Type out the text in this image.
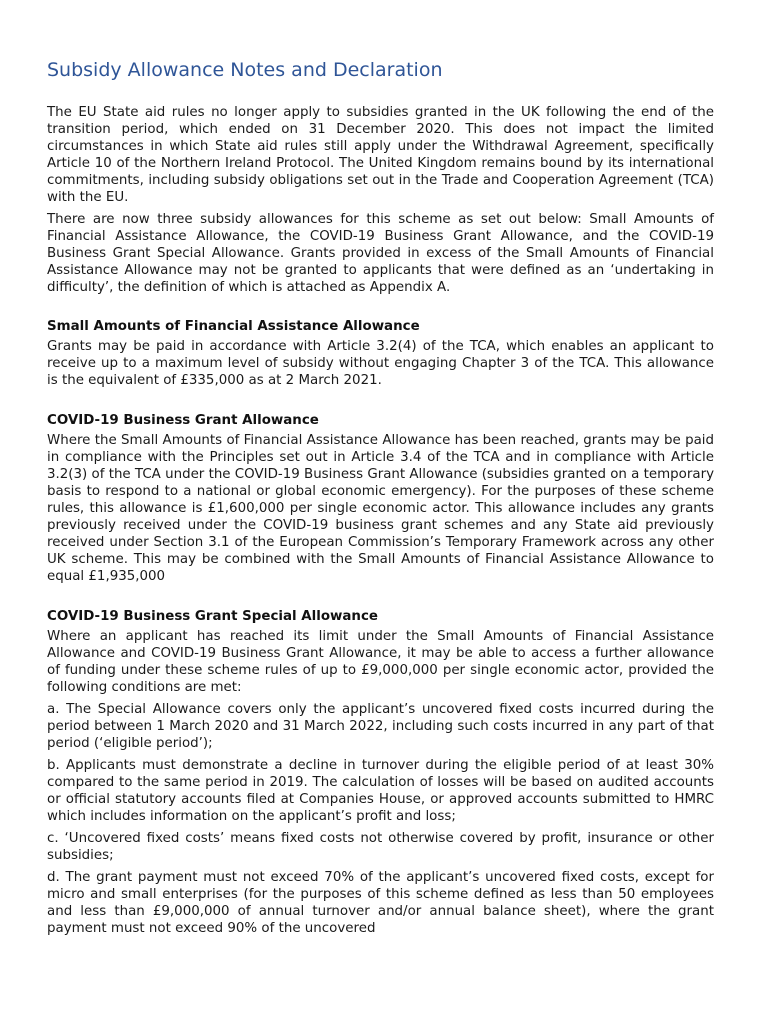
Subsidy Allowance Notes and Declaration

The EU State aid rules no longer apply to subsidies granted in the UK following the end of the transition period, which ended on 31 December 2020. This does not impact the limited circumstances in which State aid rules still apply under the Withdrawal Agreement, specifically Article 10 of the Northern Ireland Protocol. The United Kingdom remains bound by its international commitments, including subsidy obligations set out in the Trade and Cooperation Agreement (TCA) with the EU.

There are now three subsidy allowances for this scheme as set out below: Small Amounts of Financial Assistance Allowance, the COVID-19 Business Grant Allowance, and the COVID-19 Business Grant Special Allowance. Grants provided in excess of the Small Amounts of Financial Assistance Allowance may not be granted to applicants that were defined as an ‘undertaking in difficulty’, the definition of which is attached as Appendix A.

Small Amounts of Financial Assistance Allowance

Grants may be paid in accordance with Article 3.2(4) of the TCA, which enables an applicant to receive up to a maximum level of subsidy without engaging Chapter 3 of the TCA. This allowance is the equivalent of £335,000 as at 2 March 2021.

COVID-19 Business Grant Allowance

Where the Small Amounts of Financial Assistance Allowance has been reached, grants may be paid in compliance with the Principles set out in Article 3.4 of the TCA and in compliance with Article 3.2(3) of the TCA under the COVID-19 Business Grant Allowance (subsidies granted on a temporary basis to respond to a national or global economic emergency). For the purposes of these scheme rules, this allowance is £1,600,000 per single economic actor. This allowance includes any grants previously received under the COVID-19 business grant schemes and any State aid previously received under Section 3.1 of the European Commission’s Temporary Framework across any other UK scheme. This may be combined with the Small Amounts of Financial Assistance Allowance to equal £1,935,000

COVID-19 Business Grant Special Allowance

Where an applicant has reached its limit under the Small Amounts of Financial Assistance Allowance and COVID-19 Business Grant Allowance, it may be able to access a further allowance of funding under these scheme rules of up to £9,000,000 per single economic actor, provided the following conditions are met:

a. The Special Allowance covers only the applicant’s uncovered fixed costs incurred during the period between 1 March 2020 and 31 March 2022, including such costs incurred in any part of that period (‘eligible period’);

b. Applicants must demonstrate a decline in turnover during the eligible period of at least 30% compared to the same period in 2019. The calculation of losses will be based on audited accounts or official statutory accounts filed at Companies House, or approved accounts submitted to HMRC which includes information on the applicant’s profit and loss;

c. ‘Uncovered fixed costs’ means fixed costs not otherwise covered by profit, insurance or other subsidies;

d. The grant payment must not exceed 70% of the applicant’s uncovered fixed costs, except for micro and small enterprises (for the purposes of this scheme defined as less than 50 employees and less than £9,000,000 of annual turnover and/or annual balance sheet), where the grant payment must not exceed 90% of the uncovered
